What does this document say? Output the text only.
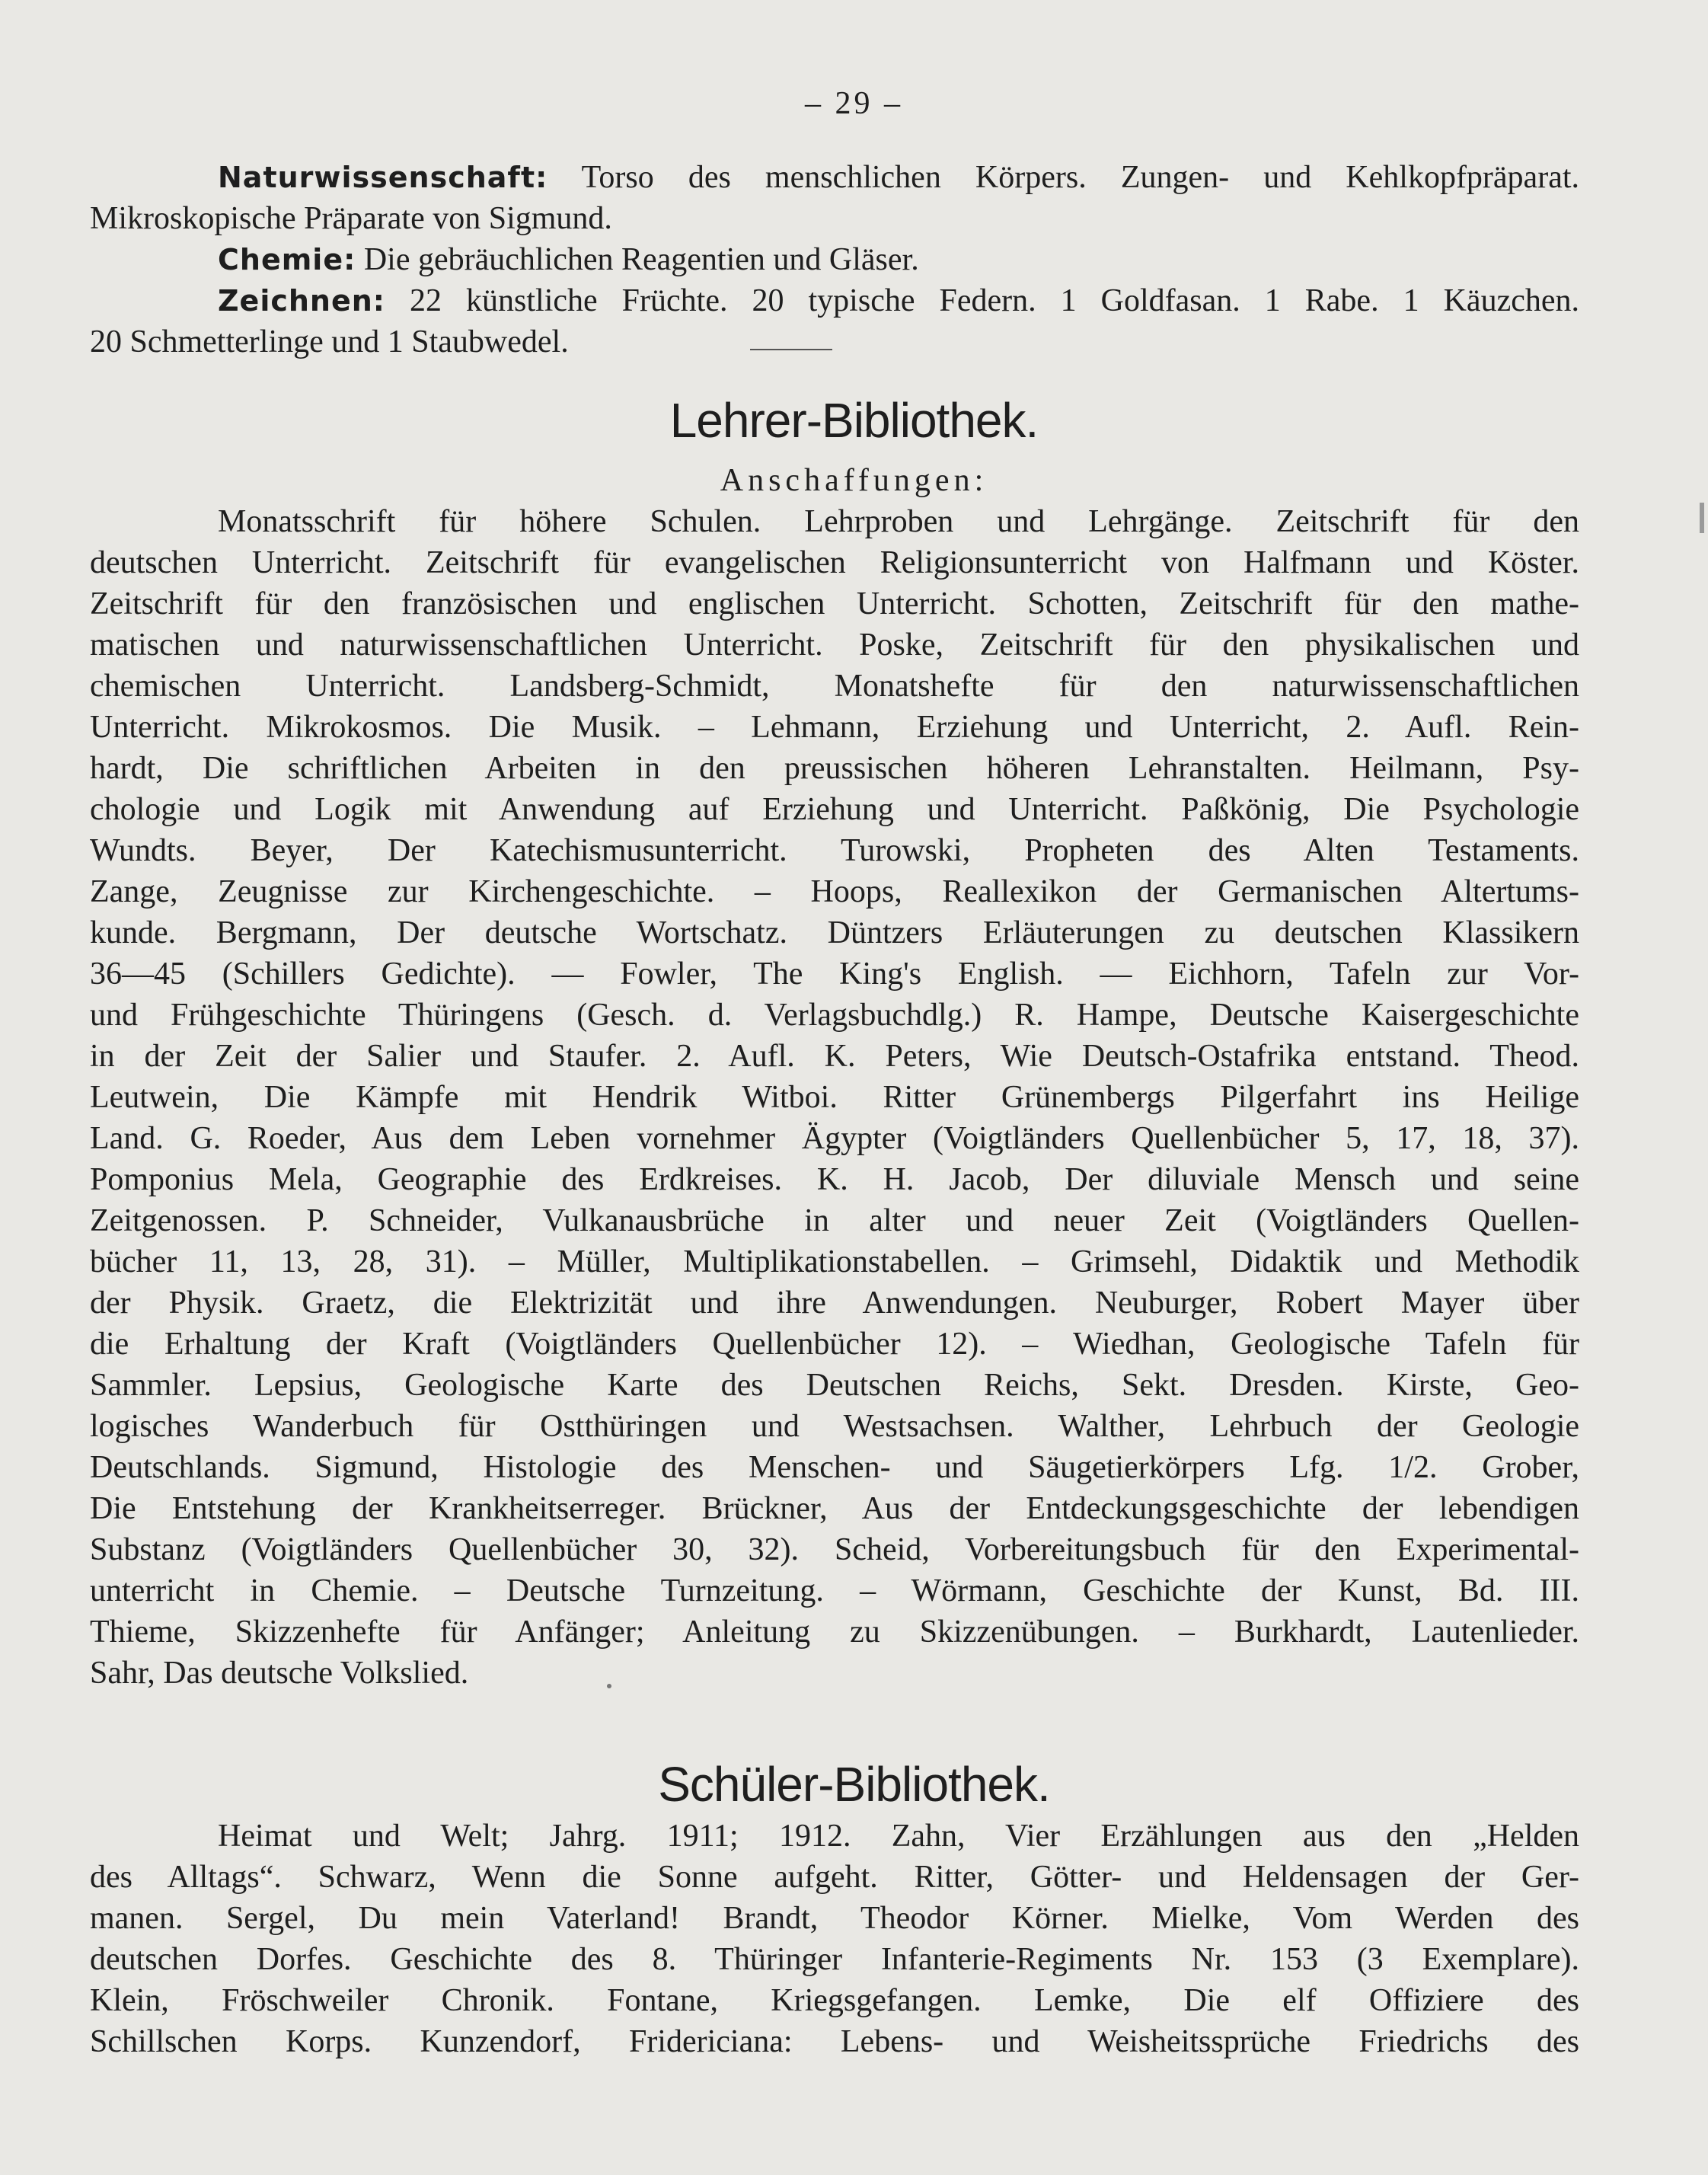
– 29 –
Naturwissenschaft: Torso des menschlichen Körpers. Zungen- und Kehlkopfpräparat.
Mikroskopische Präparate von Sigmund.
Chemie: Die gebräuchlichen Reagentien und Gläser.
Zeichnen: 22 künstliche Früchte. 20 typische Federn. 1 Goldfasan. 1 Rabe. 1 Käuzchen.
20 Schmetterlinge und 1 Staubwedel.
Lehrer-Bibliothek.
Anschaffungen:
Monatsschrift für höhere Schulen. Lehrproben und Lehrgänge. Zeitschrift für den
deutschen Unterricht. Zeitschrift für evangelischen Religionsunterricht von Halfmann und Köster.
Zeitschrift für den französischen und englischen Unterricht. Schotten, Zeitschrift für den mathe-
matischen und naturwissenschaftlichen Unterricht. Poske, Zeitschrift für den physikalischen und
chemischen Unterricht. Landsberg-Schmidt, Monatshefte für den naturwissenschaftlichen
Unterricht. Mikrokosmos. Die Musik. – Lehmann, Erziehung und Unterricht, 2. Aufl. Rein-
hardt, Die schriftlichen Arbeiten in den preussischen höheren Lehranstalten. Heilmann, Psy-
chologie und Logik mit Anwendung auf Erziehung und Unterricht. Paßkönig, Die Psychologie
Wundts. Beyer, Der Katechismusunterricht. Turowski, Propheten des Alten Testaments.
Zange, Zeugnisse zur Kirchengeschichte. – Hoops, Reallexikon der Germanischen Altertums-
kunde. Bergmann, Der deutsche Wortschatz. Düntzers Erläuterungen zu deutschen Klassikern
36—45 (Schillers Gedichte). — Fowler, The King's English. — Eichhorn, Tafeln zur Vor-
und Frühgeschichte Thüringens (Gesch. d. Verlagsbuchdlg.) R. Hampe, Deutsche Kaisergeschichte
in der Zeit der Salier und Staufer. 2. Aufl. K. Peters, Wie Deutsch-Ostafrika entstand. Theod.
Leutwein, Die Kämpfe mit Hendrik Witboi. Ritter Grünembergs Pilgerfahrt ins Heilige
Land. G. Roeder, Aus dem Leben vornehmer Ägypter (Voigtländers Quellenbücher 5, 17, 18, 37).
Pomponius Mela, Geographie des Erdkreises. K. H. Jacob, Der diluviale Mensch und seine
Zeitgenossen. P. Schneider, Vulkanausbrüche in alter und neuer Zeit (Voigtländers Quellen-
bücher 11, 13, 28, 31). – Müller, Multiplikationstabellen. – Grimsehl, Didaktik und Methodik
der Physik. Graetz, die Elektrizität und ihre Anwendungen. Neuburger, Robert Mayer über
die Erhaltung der Kraft (Voigtländers Quellenbücher 12). – Wiedhan, Geologische Tafeln für
Sammler. Lepsius, Geologische Karte des Deutschen Reichs, Sekt. Dresden. Kirste, Geo-
logisches Wanderbuch für Ostthüringen und Westsachsen. Walther, Lehrbuch der Geologie
Deutschlands. Sigmund, Histologie des Menschen- und Säugetierkörpers Lfg. 1/2. Grober,
Die Entstehung der Krankheitserreger. Brückner, Aus der Entdeckungsgeschichte der lebendigen
Substanz (Voigtländers Quellenbücher 30, 32). Scheid, Vorbereitungsbuch für den Experimental-
unterricht in Chemie. – Deutsche Turnzeitung. – Wörmann, Geschichte der Kunst, Bd. III.
Thieme, Skizzenhefte für Anfänger; Anleitung zu Skizzenübungen. – Burkhardt, Lautenlieder.
Sahr, Das deutsche Volkslied.
Schüler-Bibliothek.
Heimat und Welt; Jahrg. 1911; 1912. Zahn, Vier Erzählungen aus den „Helden
des Alltags“. Schwarz, Wenn die Sonne aufgeht. Ritter, Götter- und Heldensagen der Ger-
manen. Sergel, Du mein Vaterland! Brandt, Theodor Körner. Mielke, Vom Werden des
deutschen Dorfes. Geschichte des 8. Thüringer Infanterie-Regiments Nr. 153 (3 Exemplare).
Klein, Fröschweiler Chronik. Fontane, Kriegsgefangen. Lemke, Die elf Offiziere des
Schillschen Korps. Kunzendorf, Fridericiana: Lebens- und Weisheitssprüche Friedrichs des
